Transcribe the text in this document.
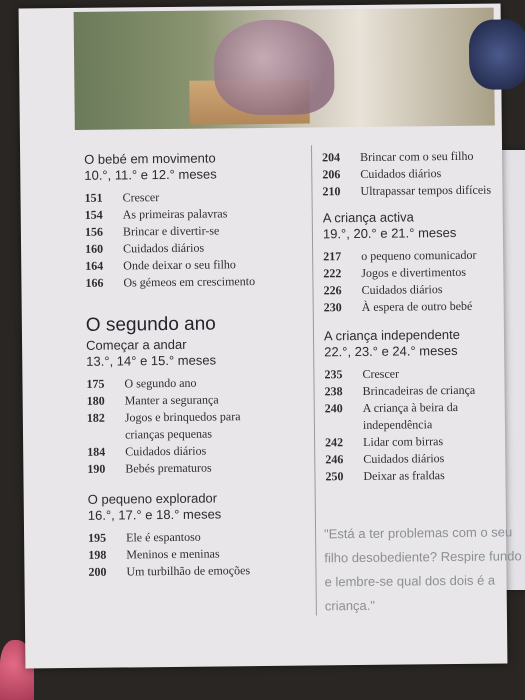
O bebé em movimento
10.°, 11.° e 12.° meses
151	Crescer
154	As primeiras palavras
156	Brincar e divertir-se
160	Cuidados diários
164	Onde deixar o seu filho
166	Os gémeos em crescimento
O segundo ano
Começar a andar
13.°, 14° e 15.° meses
175	O segundo ano
180	Manter a segurança
182	Jogos e brinquedos para crianças pequenas
184	Cuidados diários
190	Bebés prematuros
O pequeno explorador
16.°, 17.° e 18.° meses
195	Ele é espantoso
198	Meninos e meninas
200	Um turbilhão de emoções
204	Brincar com o seu filho
206	Cuidados diários
210	Ultrapassar tempos difíceis
A criança activa
19.°, 20.° e 21.° meses
217	o pequeno comunicador
222	Jogos e divertimentos
226	Cuidados diários
230	À espera de outro bebé
A criança independente
22.°, 23.° e 24.° meses
235	Crescer
238	Brincadeiras de criança
240	A criança à beira da independência
242	Lidar com birras
246	Cuidados diários
250	Deixar as fraldas
"Está a ter problemas com o seu filho desobediente? Respire fundo e lembre-se qual dos dois é a criança."
